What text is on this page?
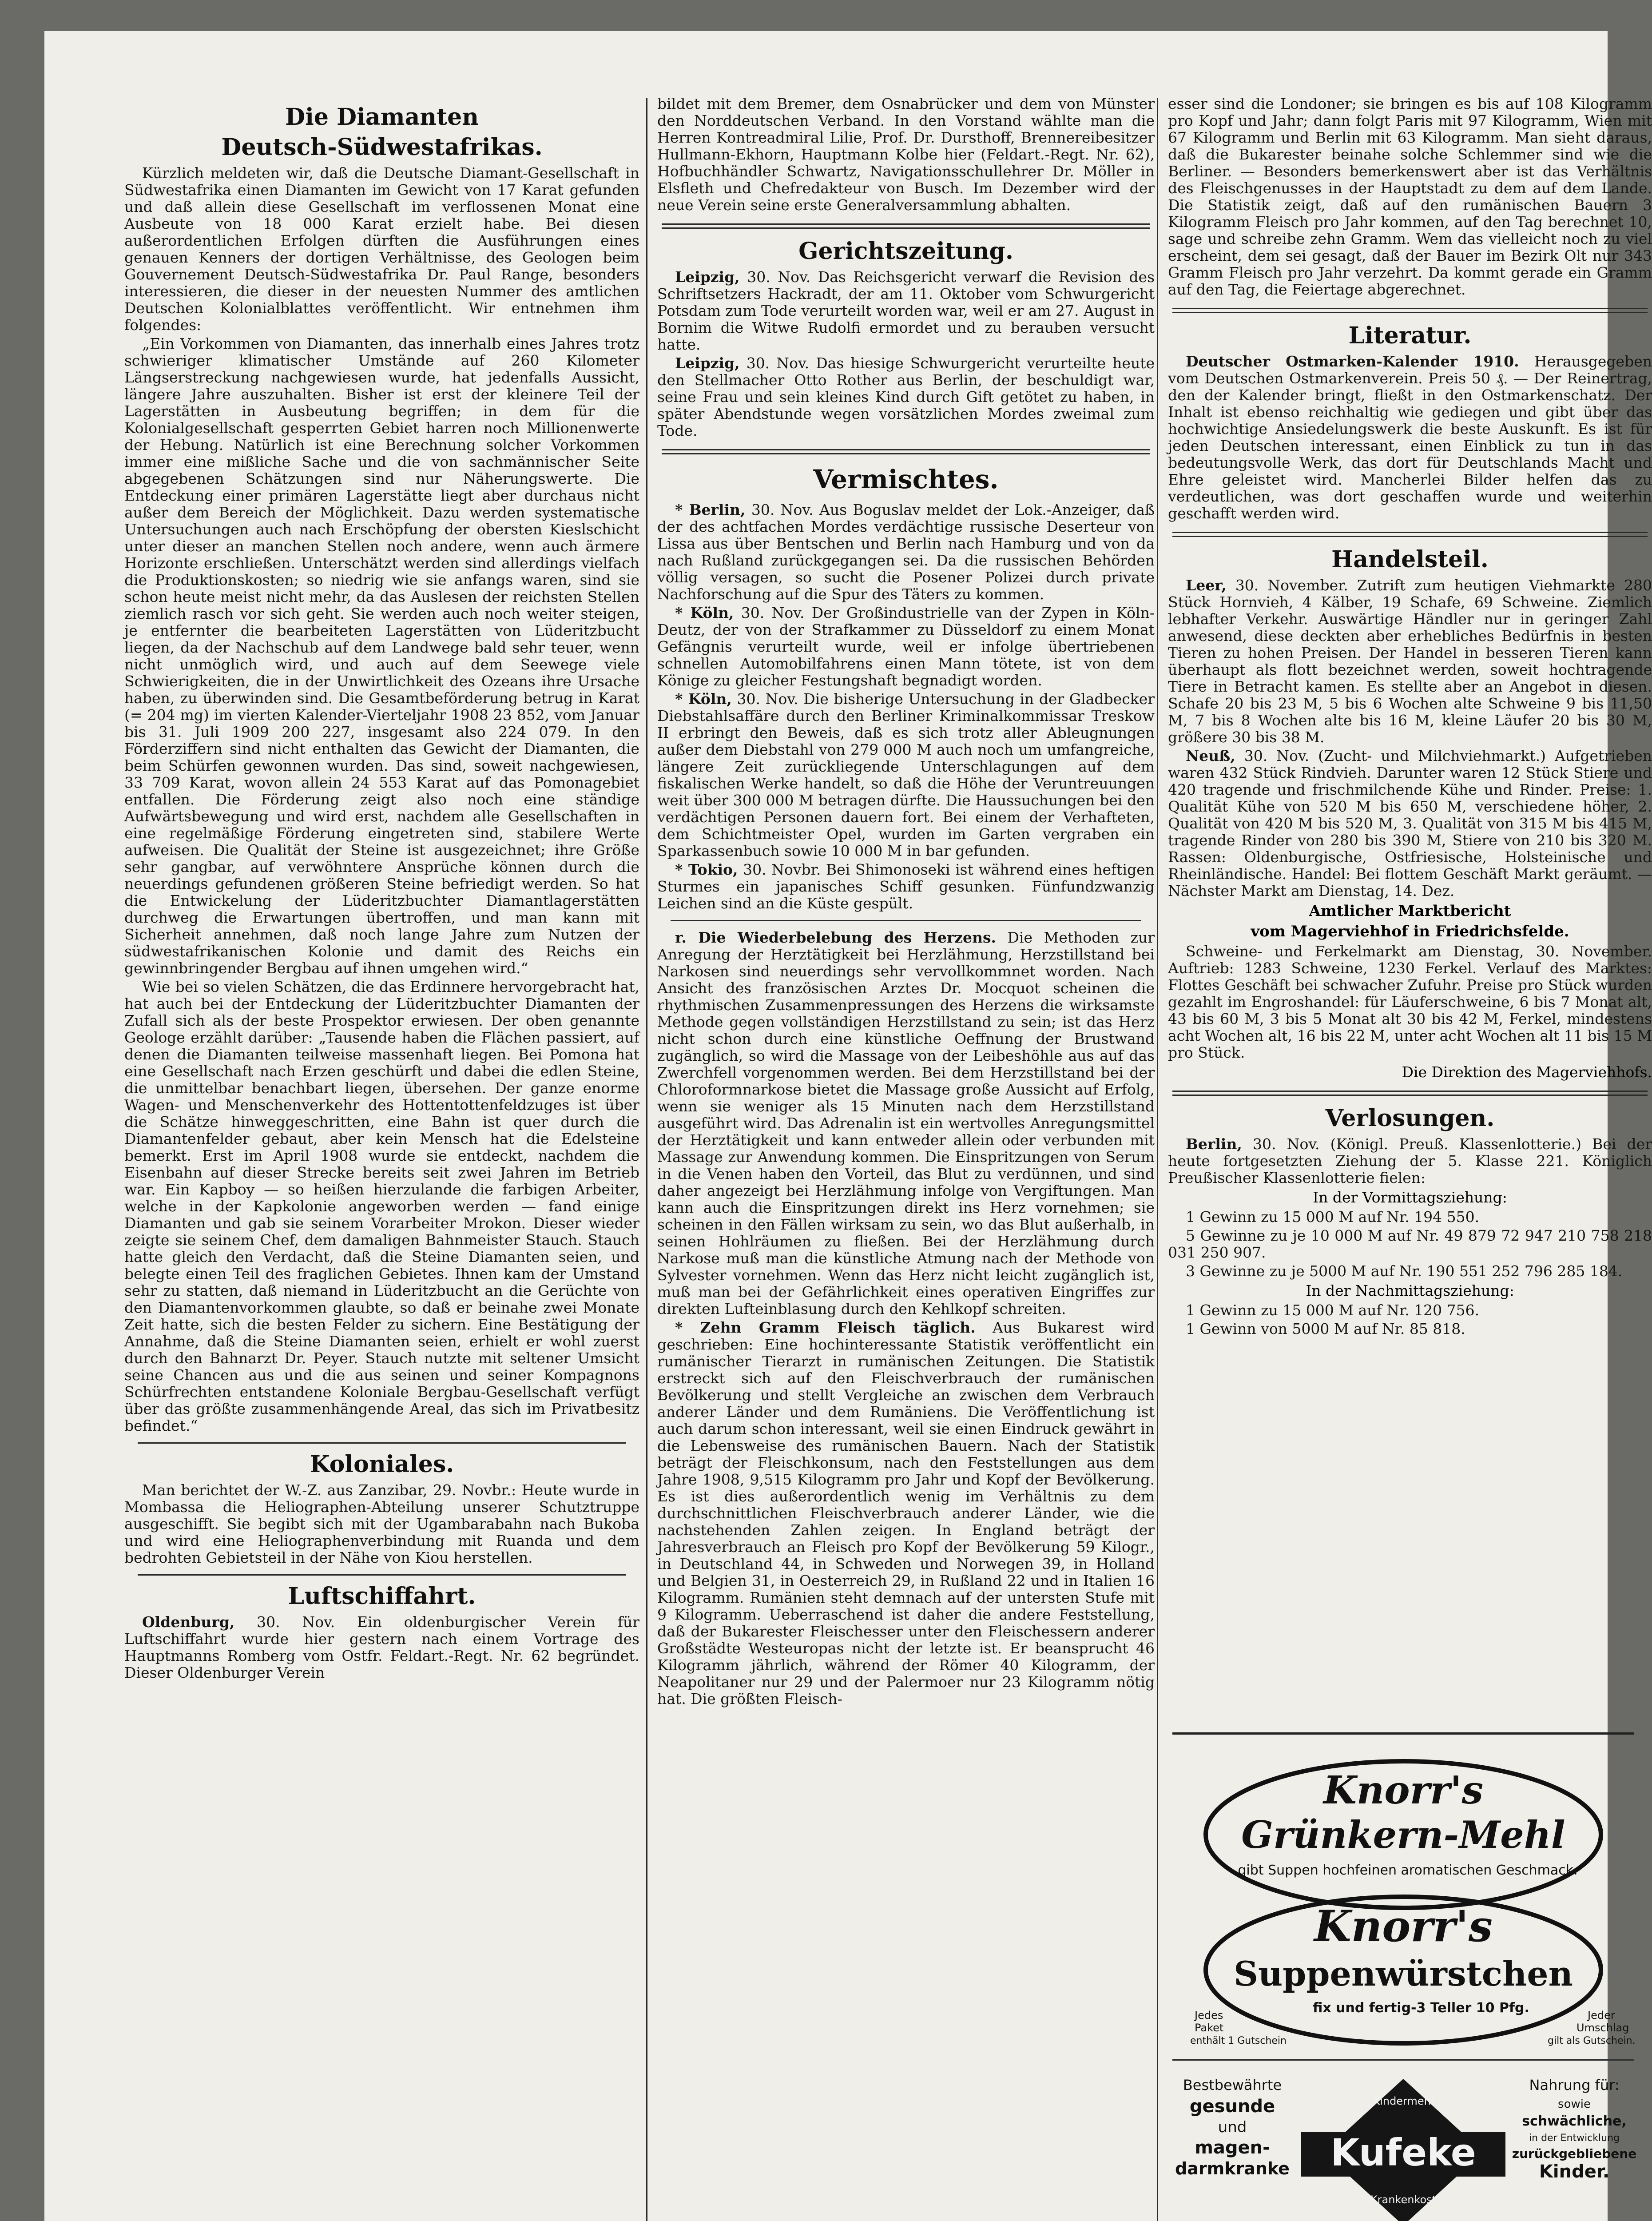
Die Diamanten
Deutsch-Südwestafrikas.

Kürzlich meldeten wir, daß die Deutsche Diamant-Gesellschaft in Südwestafrika einen Diamanten im Gewicht von 17 Karat gefunden und daß allein diese Gesellschaft im verflossenen Monat eine Ausbeute von 18 000 Karat erzielt habe. Bei diesen außerordentlichen Erfolgen dürften die Ausführungen eines genauen Kenners der dortigen Verhältnisse, des Geologen beim Gouvernement Deutsch-Südwestafrika Dr. Paul Range, besonders interessieren, die dieser in der neuesten Nummer des amtlichen Deutschen Kolonialblattes veröffentlicht. Wir entnehmen ihm folgendes:

„Ein Vorkommen von Diamanten, das innerhalb eines Jahres trotz schwieriger klimatischer Umstände auf 260 Kilometer Längserstreckung nachgewiesen wurde, hat jedenfalls Aussicht, längere Jahre auszuhalten. Bisher ist erst der kleinere Teil der Lagerstätten in Ausbeutung begriffen; in dem für die Kolonialgesellschaft gesperrten Gebiet harren noch Millionenwerte der Hebung. Natürlich ist eine Berechnung solcher Vorkommen immer eine mißliche Sache und die von sachmännischer Seite abgegebenen Schätzungen sind nur Näherungswerte. Die Entdeckung einer primären Lagerstätte liegt aber durchaus nicht außer dem Bereich der Möglichkeit. Dazu werden systematische Untersuchungen auch nach Erschöpfung der obersten Kieslschicht unter dieser an manchen Stellen noch andere, wenn auch ärmere Horizonte erschließen. Unterschätzt werden sind allerdings vielfach die Produktionskosten; so niedrig wie sie anfangs waren, sind sie schon heute meist nicht mehr, da das Auslesen der reichsten Stellen ziemlich rasch vor sich geht. Sie werden auch noch weiter steigen, je entfernter die bearbeiteten Lagerstätten von Lüderitzbucht liegen, da der Nachschub auf dem Landwege bald sehr teuer, wenn nicht unmöglich wird, und auch auf dem Seewege viele Schwierigkeiten, die in der Unwirtlichkeit des Ozeans ihre Ursache haben, zu überwinden sind. Die Gesamtbeförderung betrug in Karat (= 204 mg) im vierten Kalender-Vierteljahr 1908 23 852, vom Januar bis 31. Juli 1909 200 227, insgesamt also 224 079. In den Förderziffern sind nicht enthalten das Gewicht der Diamanten, die beim Schürfen gewonnen wurden. Das sind, soweit nachgewiesen, 33 709 Karat, wovon allein 24 553 Karat auf das Pomonagebiet entfallen. Die Förderung zeigt also noch eine ständige Aufwärtsbewegung und wird erst, nachdem alle Gesellschaften in eine regelmäßige Förderung eingetreten sind, stabilere Werte aufweisen. Die Qualität der Steine ist ausgezeichnet; ihre Größe sehr gangbar, auf verwöhntere Ansprüche können durch die neuerdings gefundenen größeren Steine befriedigt werden. So hat die Entwickelung der Lüderitzbuchter Diamantlagerstätten durchweg die Erwartungen übertroffen, und man kann mit Sicherheit annehmen, daß noch lange Jahre zum Nutzen der südwestafrikanischen Kolonie und damit des Reichs ein gewinnbringender Bergbau auf ihnen umgehen wird.“

Wie bei so vielen Schätzen, die das Erdinnere hervorgebracht hat, hat auch bei der Entdeckung der Lüderitzbuchter Diamanten der Zufall sich als der beste Prospektor erwiesen. Der oben genannte Geologe erzählt darüber: „Tausende haben die Flächen passiert, auf denen die Diamanten teilweise massenhaft liegen. Bei Pomona hat eine Gesellschaft nach Erzen geschürft und dabei die edlen Steine, die unmittelbar benachbart liegen, übersehen. Der ganze enorme Wagen- und Menschenverkehr des Hottentottenfeldzuges ist über die Schätze hinweggeschritten, eine Bahn ist quer durch die Diamantenfelder gebaut, aber kein Mensch hat die Edelsteine bemerkt. Erst im April 1908 wurde sie entdeckt, nachdem die Eisenbahn auf dieser Strecke bereits seit zwei Jahren im Betrieb war. Ein Kapboy — so heißen hierzulande die farbigen Arbeiter, welche in der Kapkolonie angeworben werden — fand einige Diamanten und gab sie seinem Vorarbeiter Mrokon. Dieser wieder zeigte sie seinem Chef, dem damaligen Bahnmeister Stauch. Stauch hatte gleich den Verdacht, daß die Steine Diamanten seien, und belegte einen Teil des fraglichen Gebietes. Ihnen kam der Umstand sehr zu statten, daß niemand in Lüderitzbucht an die Gerüchte von den Diamantenvorkommen glaubte, so daß er beinahe zwei Monate Zeit hatte, sich die besten Felder zu sichern. Eine Bestätigung der Annahme, daß die Steine Diamanten seien, erhielt er wohl zuerst durch den Bahnarzt Dr. Peyer. Stauch nutzte mit seltener Umsicht seine Chancen aus und die aus seinen und seiner Kompagnons Schürfrechten entstandene Koloniale Bergbau-Gesellschaft verfügt über das größte zusammenhängende Areal, das sich im Privatbesitz befindet.“

Koloniales.

Man berichtet der W.-Z. aus Zanzibar, 29. Novbr.: Heute wurde in Mombassa die Heliographen-Abteilung unserer Schutztruppe ausgeschifft. Sie begibt sich mit der Ugambarabahn nach Bukoba und wird eine Heliographenverbindung mit Ruanda und dem bedrohten Gebietsteil in der Nähe von Kiou herstellen.

Luftschiffahrt.

Oldenburg, 30. Nov. Ein oldenburgischer Verein für Luftschiffahrt wurde hier gestern nach einem Vortrage des Hauptmanns Romberg vom Ostfr. Feldart.-Regt. Nr. 62 begründet. Dieser Oldenburger Verein

bildet mit dem Bremer, dem Osnabrücker und dem von Münster den Norddeutschen Verband. In den Vorstand wählte man die Herren Kontreadmiral Lilie, Prof. Dr. Dursthoff, Brennereibesitzer Hullmann-Ekhorn, Hauptmann Kolbe hier (Feldart.-Regt. Nr. 62), Hofbuchhändler Schwartz, Navigationsschullehrer Dr. Möller in Elsfleth und Chefredakteur von Busch. Im Dezember wird der neue Verein seine erste Generalversammlung abhalten.

Gerichtszeitung.

Leipzig, 30. Nov. Das Reichsgericht verwarf die Revision des Schriftsetzers Hackradt, der am 11. Oktober vom Schwurgericht Potsdam zum Tode verurteilt worden war, weil er am 27. August in Bornim die Witwe Rudolfi ermordet und zu berauben versucht hatte.

Leipzig, 30. Nov. Das hiesige Schwurgericht verurteilte heute den Stellmacher Otto Rother aus Berlin, der beschuldigt war, seine Frau und sein kleines Kind durch Gift getötet zu haben, in später Abendstunde wegen vorsätzlichen Mordes zweimal zum Tode.

Vermischtes.

* Berlin, 30. Nov. Aus Boguslav meldet der Lok.-Anzeiger, daß der des achtfachen Mordes verdächtige russische Deserteur von Lissa aus über Bentschen und Berlin nach Hamburg und von da nach Rußland zurückgegangen sei. Da die russischen Behörden völlig versagen, so sucht die Posener Polizei durch private Nachforschung auf die Spur des Täters zu kommen.

* Köln, 30. Nov. Der Großindustrielle van der Zypen in Köln-Deutz, der von der Strafkammer zu Düsseldorf zu einem Monat Gefängnis verurteilt wurde, weil er infolge übertriebenen schnellen Automobilfahrens einen Mann tötete, ist von dem Könige zu gleicher Festungshaft begnadigt worden.

* Köln, 30. Nov. Die bisherige Untersuchung in der Gladbecker Diebstahlsaffäre durch den Berliner Kriminalkommissar Treskow II erbringt den Beweis, daß es sich trotz aller Ableugnungen außer dem Diebstahl von 279 000 M auch noch um umfangreiche, längere Zeit zurückliegende Unterschlagungen auf dem fiskalischen Werke handelt, so daß die Höhe der Veruntreuungen weit über 300 000 M betragen dürfte. Die Haussuchungen bei den verdächtigen Personen dauern fort. Bei einem der Verhafteten, dem Schichtmeister Opel, wurden im Garten vergraben ein Sparkassenbuch sowie 10 000 M in bar gefunden.

* Tokio, 30. Novbr. Bei Shimonoseki ist während eines heftigen Sturmes ein japanisches Schiff gesunken. Fünfundzwanzig Leichen sind an die Küste gespült.

r. Die Wiederbelebung des Herzens. Die Methoden zur Anregung der Herztätigkeit bei Herzlähmung, Herzstillstand bei Narkosen sind neuerdings sehr vervollkommnet worden. Nach Ansicht des französischen Arztes Dr. Mocquot scheinen die rhythmischen Zusammenpressungen des Herzens die wirksamste Methode gegen vollständigen Herzstillstand zu sein; ist das Herz nicht schon durch eine künstliche Oeffnung der Brustwand zugänglich, so wird die Massage von der Leibeshöhle aus auf das Zwerchfell vorgenommen werden. Bei dem Herzstillstand bei der Chloroformnarkose bietet die Massage große Aussicht auf Erfolg, wenn sie weniger als 15 Minuten nach dem Herzstillstand ausgeführt wird. Das Adrenalin ist ein wertvolles Anregungsmittel der Herztätigkeit und kann entweder allein oder verbunden mit Massage zur Anwendung kommen. Die Einspritzungen von Serum in die Venen haben den Vorteil, das Blut zu verdünnen, und sind daher angezeigt bei Herzlähmung infolge von Vergiftungen. Man kann auch die Einspritzungen direkt ins Herz vornehmen; sie scheinen in den Fällen wirksam zu sein, wo das Blut außerhalb, in seinen Hohlräumen zu fließen. Bei der Herzlähmung durch Narkose muß man die künstliche Atmung nach der Methode von Sylvester vornehmen. Wenn das Herz nicht leicht zugänglich ist, muß man bei der Gefährlichkeit eines operativen Eingriffes zur direkten Lufteinblasung durch den Kehlkopf schreiten.

* Zehn Gramm Fleisch täglich. Aus Bukarest wird geschrieben: Eine hochinteressante Statistik veröffentlicht ein rumänischer Tierarzt in rumänischen Zeitungen. Die Statistik erstreckt sich auf den Fleischverbrauch der rumänischen Bevölkerung und stellt Vergleiche an zwischen dem Verbrauch anderer Länder und dem Rumäniens. Die Veröffentlichung ist auch darum schon interessant, weil sie einen Eindruck gewährt in die Lebensweise des rumänischen Bauern. Nach der Statistik beträgt der Fleischkonsum, nach den Feststellungen aus dem Jahre 1908, 9,515 Kilogramm pro Jahr und Kopf der Bevölkerung. Es ist dies außerordentlich wenig im Verhältnis zu dem durchschnittlichen Fleischverbrauch anderer Länder, wie die nachstehenden Zahlen zeigen. In England beträgt der Jahresverbrauch an Fleisch pro Kopf der Bevölkerung 59 Kilogr., in Deutschland 44, in Schweden und Norwegen 39, in Holland und Belgien 31, in Oesterreich 29, in Rußland 22 und in Italien 16 Kilogramm. Rumänien steht demnach auf der untersten Stufe mit 9 Kilogramm. Ueberraschend ist daher die andere Feststellung, daß der Bukarester Fleischesser unter den Fleischessern anderer Großstädte Westeuropas nicht der letzte ist. Er beansprucht 46 Kilogramm jährlich, während der Römer 40 Kilogramm, der Neapolitaner nur 29 und der Palermoer nur 23 Kilogramm nötig hat. Die größten Fleisch-

esser sind die Londoner; sie bringen es bis auf 108 Kilogramm pro Kopf und Jahr; dann folgt Paris mit 97 Kilogramm, Wien mit 67 Kilogramm und Berlin mit 63 Kilogramm. Man sieht daraus, daß die Bukarester beinahe solche Schlemmer sind wie die Berliner. — Besonders bemerkenswert aber ist das Verhältnis des Fleischgenusses in der Hauptstadt zu dem auf dem Lande. Die Statistik zeigt, daß auf den rumänischen Bauern 3 Kilogramm Fleisch pro Jahr kommen, auf den Tag berechnet 10, sage und schreibe zehn Gramm. Wem das vielleicht noch zu viel erscheint, dem sei gesagt, daß der Bauer im Bezirk Olt nur 343 Gramm Fleisch pro Jahr verzehrt. Da kommt gerade ein Gramm auf den Tag, die Feiertage abgerechnet.

Literatur.

Deutscher Ostmarken-Kalender 1910. Herausgegeben vom Deutschen Ostmarkenverein. Preis 50 ₰. — Der Reinertrag, den der Kalender bringt, fließt in den Ostmarkenschatz. Der Inhalt ist ebenso reichhaltig wie gediegen und gibt über das hochwichtige Ansiedelungswerk die beste Auskunft. Es ist für jeden Deutschen interessant, einen Einblick zu tun in das bedeutungsvolle Werk, das dort für Deutschlands Macht und Ehre geleistet wird. Mancherlei Bilder helfen das zu verdeutlichen, was dort geschaffen wurde und weiterhin geschafft werden wird.

Handelsteil.

Leer, 30. November. Zutrift zum heutigen Viehmarkte 280 Stück Hornvieh, 4 Kälber, 19 Schafe, 69 Schweine. Ziemlich lebhafter Verkehr. Auswärtige Händler nur in geringer Zahl anwesend, diese deckten aber erhebliches Bedürfnis in besten Tieren zu hohen Preisen. Der Handel in besseren Tieren kann überhaupt als flott bezeichnet werden, soweit hochtragende Tiere in Betracht kamen. Es stellte aber an Angebot in diesen. Schafe 20 bis 23 M, 5 bis 6 Wochen alte Schweine 9 bis 11,50 M, 7 bis 8 Wochen alte bis 16 M, kleine Läufer 20 bis 30 M, größere 30 bis 38 M.

Neuß, 30. Nov. (Zucht- und Milchviehmarkt.) Aufgetrieben waren 432 Stück Rindvieh. Darunter waren 12 Stück Stiere und 420 tragende und frischmilchende Kühe und Rinder. Preise: 1. Qualität Kühe von 520 M bis 650 M, verschiedene höher, 2. Qualität von 420 M bis 520 M, 3. Qualität von 315 M bis 415 M, tragende Rinder von 280 bis 390 M, Stiere von 210 bis 320 M. Rassen: Oldenburgische, Ostfriesische, Holsteinische und Rheinländische. Handel: Bei flottem Geschäft Markt geräumt. — Nächster Markt am Dienstag, 14. Dez.

Amtlicher Marktbericht
vom Magerviehhof in Friedrichsfelde.

Schweine- und Ferkelmarkt am Dienstag, 30. November. Auftrieb: 1283 Schweine, 1230 Ferkel. Verlauf des Marktes: Flottes Geschäft bei schwacher Zufuhr. Preise pro Stück wurden gezahlt im Engroshandel: für Läuferschweine, 6 bis 7 Monat alt, 43 bis 60 M, 3 bis 5 Monat alt 30 bis 42 M, Ferkel, mindestens acht Wochen alt, 16 bis 22 M, unter acht Wochen alt 11 bis 15 M pro Stück.

Die Direktion des Magerviehhofs.
Verlosungen.

Berlin, 30. Nov. (Königl. Preuß. Klassenlotterie.) Bei der heute fortgesetzten Ziehung der 5. Klasse 221. Königlich Preußischer Klassenlotterie fielen:

In der Vormittagsziehung:

1 Gewinn zu 15 000 M auf Nr. 194 550.

5 Gewinne zu je 10 000 M auf Nr. 49 879 72 947 210 758 218 031 250 907.

3 Gewinne zu je 5000 M auf Nr. 190 551 252 796 285 184.

In der Nachmittagsziehung:

1 Gewinn zu 15 000 M auf Nr. 120 756.

1 Gewinn von 5000 M auf Nr. 85 818.

Knorr's
Grünkern-Mehl
gibt Suppen hochfeinen aromatischen Geschmack.
Knorr's
Suppenwürstchen
fix und fertig-3 Teller 10 Pfg.
Jedes
Paket
enthält 1 Gutschein
Jeder
Umschlag
gilt als Gutschein.
Kindermehl
Kufeke
Krankenkost
Bestbewährte
gesunde
und
magen-
darmkranke
Nahrung für:
sowie
schwächliche,
in der Entwicklung
zurückgebliebene
Kinder.
